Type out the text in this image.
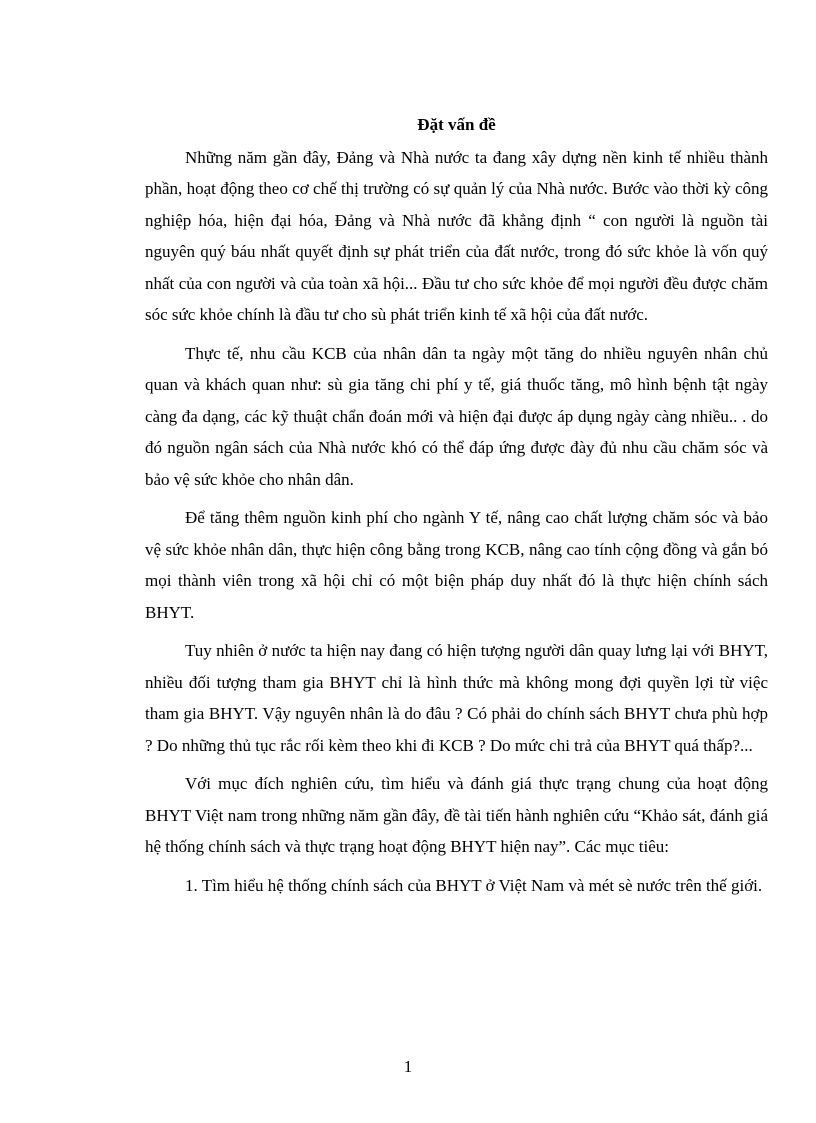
Đặt vấn đề

Những năm gần đây, Đảng và Nhà nước ta đang xây dựng nền kinh tế nhiều thành phần, hoạt động theo cơ chế thị trường có sự quản lý của Nhà nước. Bước vào thời kỳ công nghiệp hóa, hiện đại hóa, Đảng và Nhà nước đã khẳng định “ con người là nguồn tài nguyên quý báu nhất quyết định sự phát triển của đất nước, trong đó sức khỏe là vốn quý nhất của con người và của toàn xã hội... Đầu tư cho sức khỏe để mọi người đều được chăm sóc sức khỏe chính là đầu tư cho sù phát triển kinh tế xã hội của đất nước.

Thực tế, nhu cầu KCB của nhân dân ta ngày một tăng do nhiều nguyên nhân chủ quan và khách quan như: sù gia tăng chi phí y tế, giá thuốc tăng, mô hình bệnh tật ngày càng đa dạng, các kỹ thuật chẩn đoán mới và hiện đại được áp dụng ngày càng nhiều.. . do đó nguồn ngân sách của Nhà nước khó có thể đáp ứng được đày đủ nhu cầu chăm sóc và bảo vệ sức khỏe cho nhân dân.

Để tăng thêm nguồn kinh phí cho ngành Y tế, nâng cao chất lượng chăm sóc và bảo vệ sức khỏe nhân dân, thực hiện công bằng trong KCB, nâng cao tính cộng đồng và gắn bó mọi thành viên trong xã hội chỉ có một biện pháp duy nhất đó là thực hiện chính sách BHYT.

Tuy nhiên ở nước ta hiện nay đang có hiện tượng người dân quay lưng lại với BHYT, nhiều đối tượng tham gia BHYT chỉ là hình thức mà không mong đợi quyền lợi từ việc tham gia BHYT. Vậy nguyên nhân là do đâu ? Có phải do chính sách BHYT chưa phù hợp ? Do những thủ tục rắc rối kèm theo khi đi KCB ? Do mức chi trả của BHYT quá thấp?...

Với mục đích nghiên cứu, tìm hiểu và đánh giá thực trạng chung của hoạt động BHYT Việt nam trong những năm gần đây, đề tài tiến hành nghiên cứu “Khảo sát, đánh giá hệ thống chính sách và thực trạng hoạt động BHYT hiện nay”. Các mục tiêu:

1. Tìm hiểu hệ thống chính sách của BHYT ở Việt Nam và mét sè nước trên thế giới.

1
